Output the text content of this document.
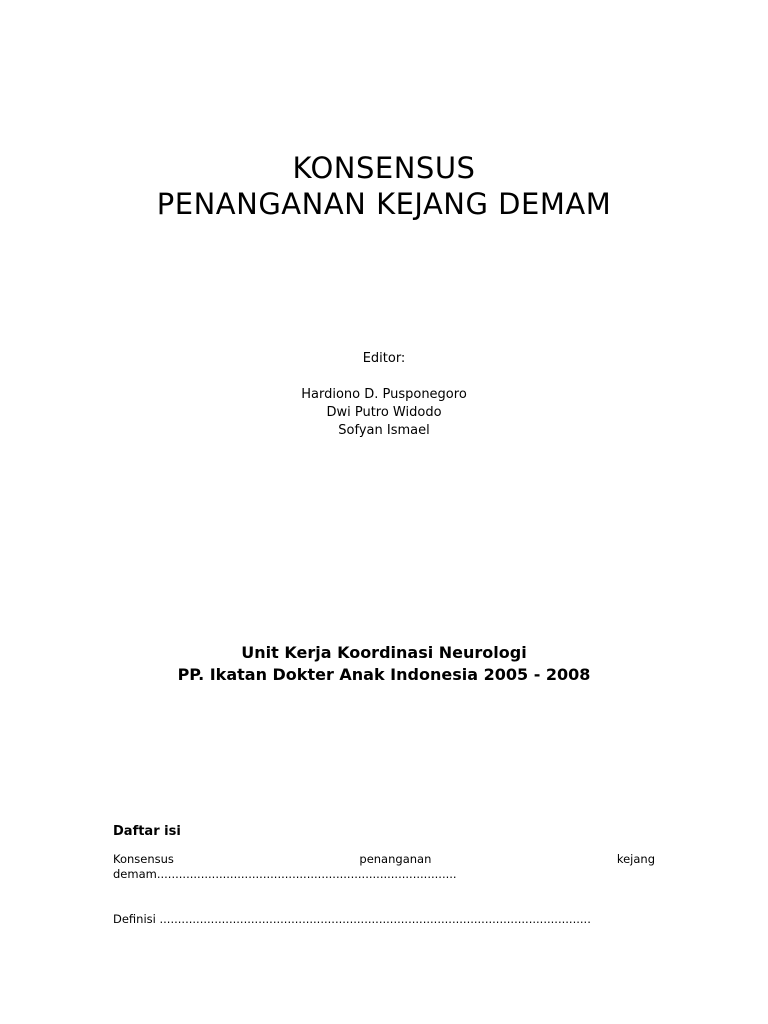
KONSENSUS
PENANGANAN KEJANG DEMAM
Editor:
Hardiono D. Pusponegoro
Dwi Putro Widodo
Sofyan Ismael
Unit Kerja Koordinasi Neurologi
PP. Ikatan Dokter Anak Indonesia 2005 - 2008
Daftar isi
Konsensus	penanganan	kejang
demam..................................................................................
Definisi ......................................................................................................................
